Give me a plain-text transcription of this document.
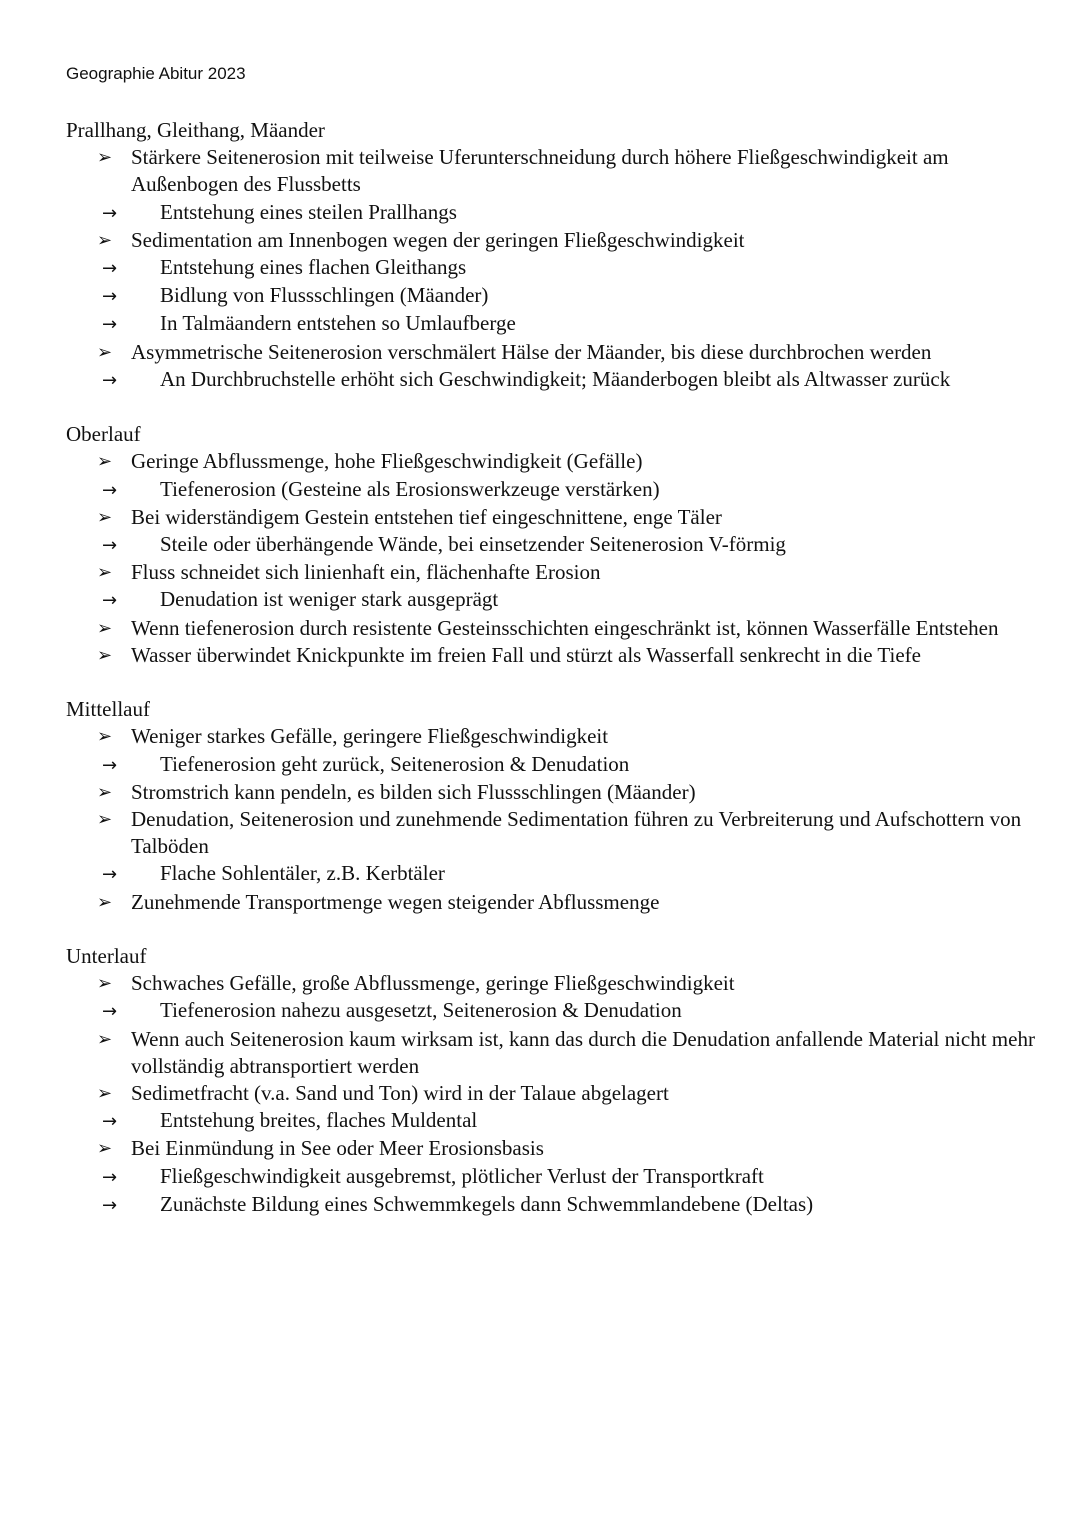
Geographie Abitur 2023
Prallhang, Gleithang, Mäander
➢ Stärkere Seitenerosion mit teilweise Uferunterschneidung durch höhere Fließgeschwindigkeit am Außenbogen des Flussbetts
→ Entstehung eines steilen Prallhangs
➢ Sedimentation am Innenbogen wegen der geringen Fließgeschwindigkeit
→ Entstehung eines flachen Gleithangs
→ Bidlung von Flussschlingen (Mäander)
→ In Talmäandern entstehen so Umlaufberge
➢ Asymmetrische Seitenerosion verschmälert Hälse der Mäander, bis diese durchbrochen werden
→ An Durchbruchstelle erhöht sich Geschwindigkeit; Mäanderbogen bleibt als Altwasser zurück
Oberlauf
➢ Geringe Abflussmenge, hohe Fließgeschwindigkeit (Gefälle)
→ Tiefenerosion (Gesteine als Erosionswerkzeuge verstärken)
➢ Bei widerständigem Gestein entstehen tief eingeschnittene, enge Täler
→ Steile oder überhängende Wände, bei einsetzender Seitenerosion V-förmig
➢ Fluss schneidet sich linienhaft ein, flächenhafte Erosion
→ Denudation ist weniger stark ausgeprägt
➢ Wenn tiefenerosion durch resistente Gesteinsschichten eingeschränkt ist, können Wasserfälle Entstehen
➢ Wasser überwindet Knickpunkte im freien Fall und stürzt als Wasserfall senkrecht in die Tiefe
Mittellauf
➢ Weniger starkes Gefälle, geringere Fließgeschwindigkeit
→ Tiefenerosion geht zurück, Seitenerosion & Denudation
➢ Stromstrich kann pendeln, es bilden sich Flussschlingen (Mäander)
➢ Denudation, Seitenerosion und zunehmende Sedimentation führen zu Verbreiterung und Aufschottern von Talböden
→ Flache Sohlentäler, z.B. Kerbtäler
➢ Zunehmende Transportmenge wegen steigender Abflussmenge
Unterlauf
➢ Schwaches Gefälle, große Abflussmenge, geringe Fließgeschwindigkeit
→ Tiefenerosion nahezu ausgesetzt, Seitenerosion & Denudation
➢ Wenn auch Seitenerosion kaum wirksam ist, kann das durch die Denudation anfallende Material nicht mehr vollständig abtransportiert werden
➢ Sedimetfracht (v.a. Sand und Ton) wird in der Talaue abgelagert
→ Entstehung breites, flaches Muldental
➢ Bei Einmündung in See oder Meer Erosionsbasis
→ Fließgeschwindigkeit ausgebremst, plötlicher Verlust der Transportkraft
→ Zunächste Bildung eines Schwemmkegels dann Schwemmlandebene (Deltas)
